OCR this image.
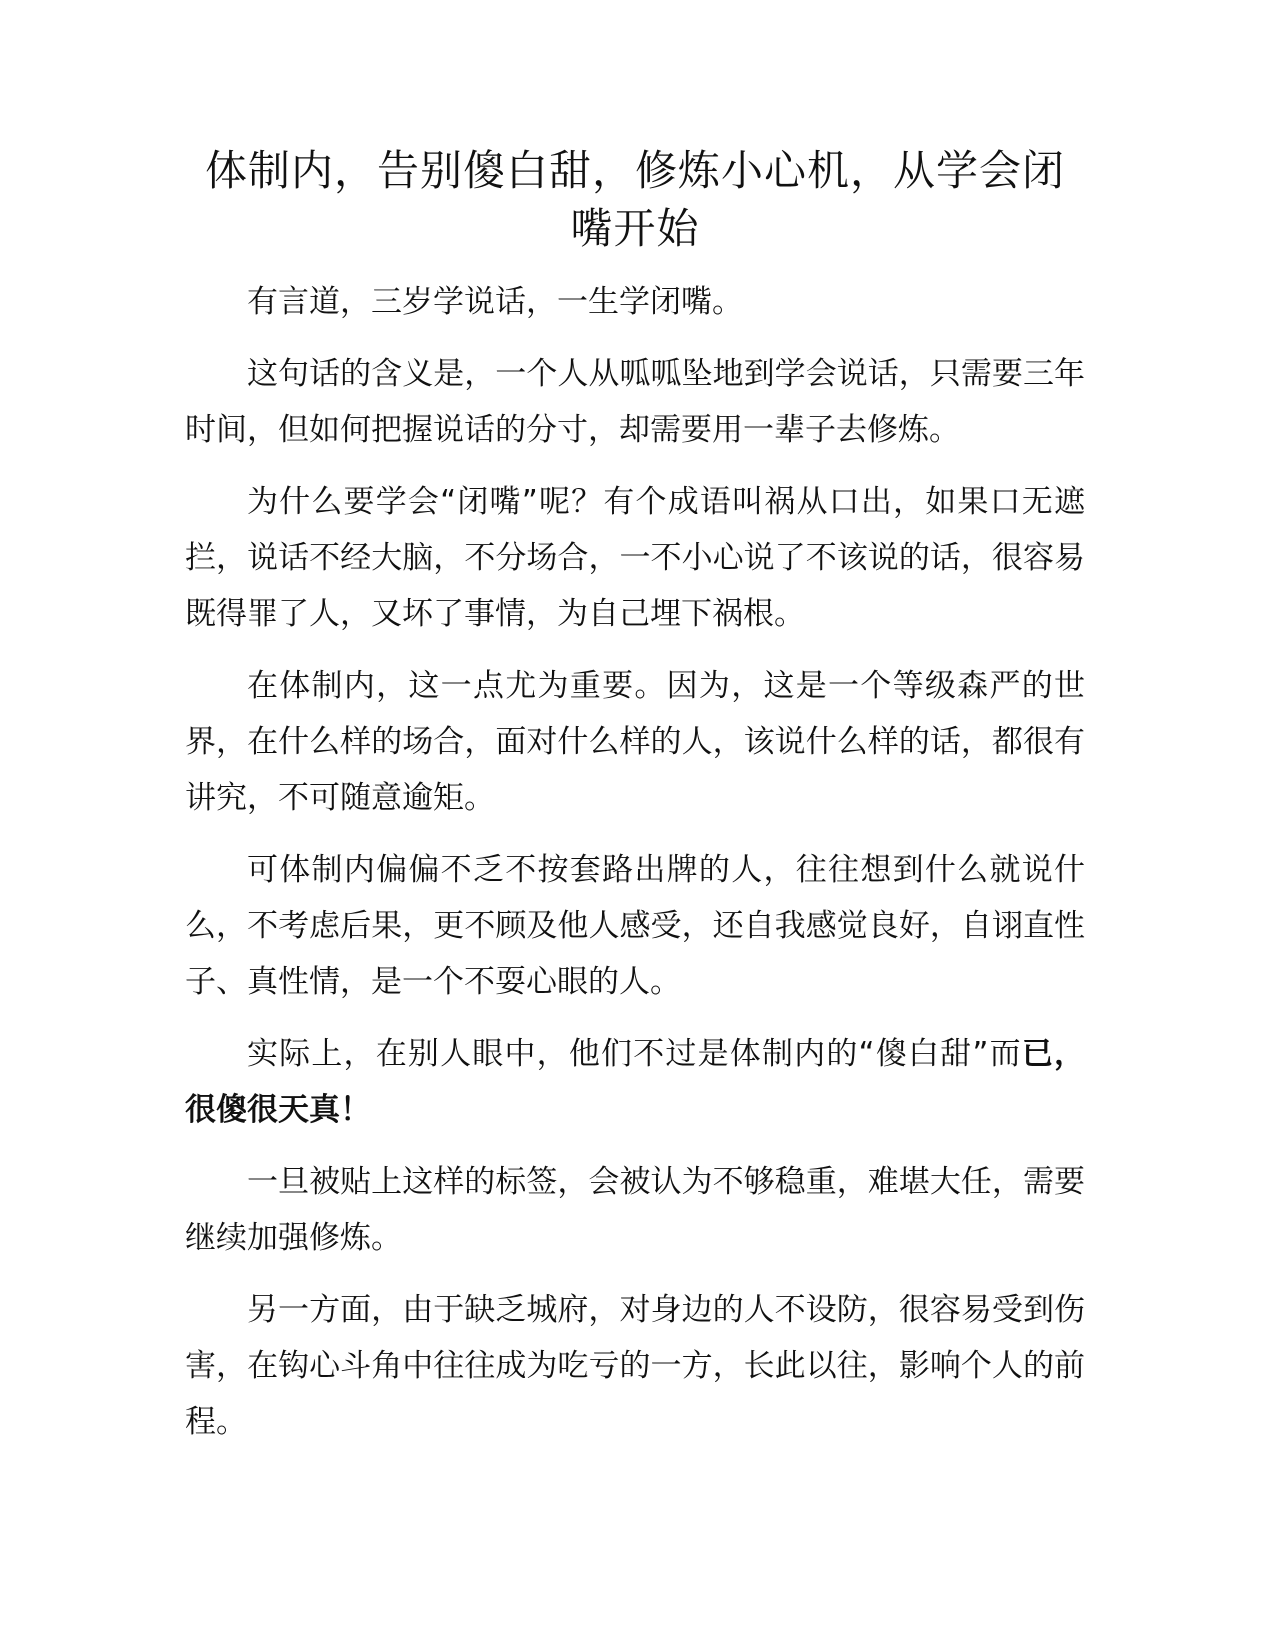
体制内，告别傻白甜，修炼小心机，从学会闭嘴开始

有言道，三岁学说话，一生学闭嘴。

这句话的含义是，一个人从呱呱坠地到学会说话，只需要三年时间，但如何把握说话的分寸，却需要用一辈子去修炼。

为什么要学会“闭嘴”呢？有个成语叫祸从口出，如果口无遮拦，说话不经大脑，不分场合，一不小心说了不该说的话，很容易既得罪了人，又坏了事情，为自己埋下祸根。

在体制内，这一点尤为重要。因为，这是一个等级森严的世界，在什么样的场合，面对什么样的人，该说什么样的话，都很有讲究，不可随意逾矩。

可体制内偏偏不乏不按套路出牌的人，往往想到什么就说什么，不考虑后果，更不顾及他人感受，还自我感觉良好，自诩直性子、真性情，是一个不耍心眼的人。

实际上，在别人眼中，他们不过是体制内的“傻白甜”而已，很傻很天真！

一旦被贴上这样的标签，会被认为不够稳重，难堪大任，需要继续加强修炼。

另一方面，由于缺乏城府，对身边的人不设防，很容易受到伤害，在钩心斗角中往往成为吃亏的一方，长此以往，影响个人的前程。
